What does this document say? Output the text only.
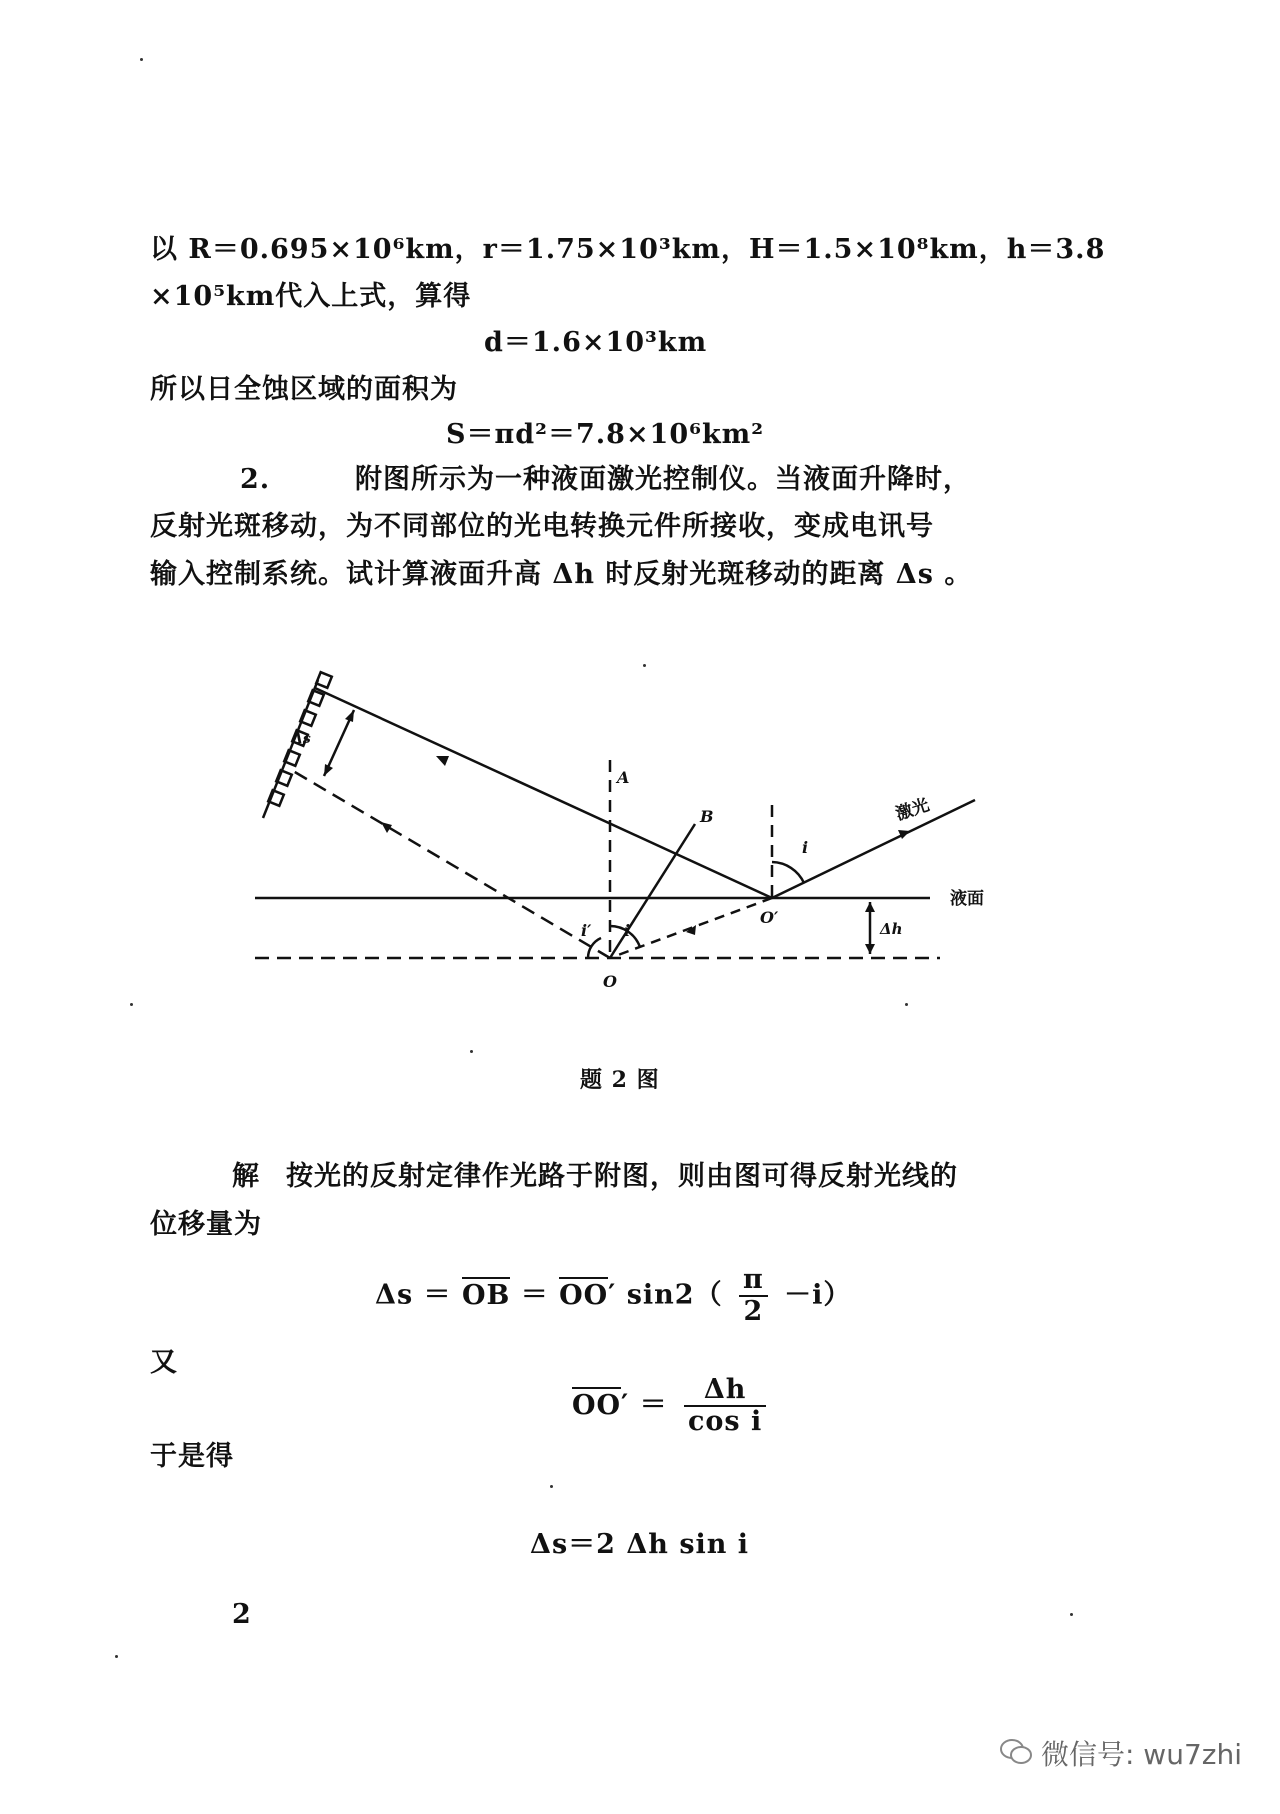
以 R＝0.695×10⁶km，r＝1.75×10³km，H＝1.5×10⁸km，h＝3.8
×10⁵km代入上式，算得
d＝1.6×10³km
所以日全蚀区域的面积为
S＝πd²＝7.8×10⁶km²
2.	附图所示为一种液面激光控制仪。当液面升降时，
反射光斑移动，为不同部位的光电转换元件所接收，变成电讯号
输入控制系统。试计算液面升高 Δh 时反射光斑移动的距离 Δs 。
A
B
O
O′
i
i′ i
Δs
Δh
激光
液面
题 2 图
解 按光的反射定律作光路于附图，则由图可得反射光线的
位移量为
Δs ＝ OB ＝ OO′ $\sin 2( \frac{\pi}{2} -i)$
又
$OO' = \frac{\Delta h}{\text{cos i}}$
于是得
Δs＝2 Δh sin i
2
微信号: wu7zhi
